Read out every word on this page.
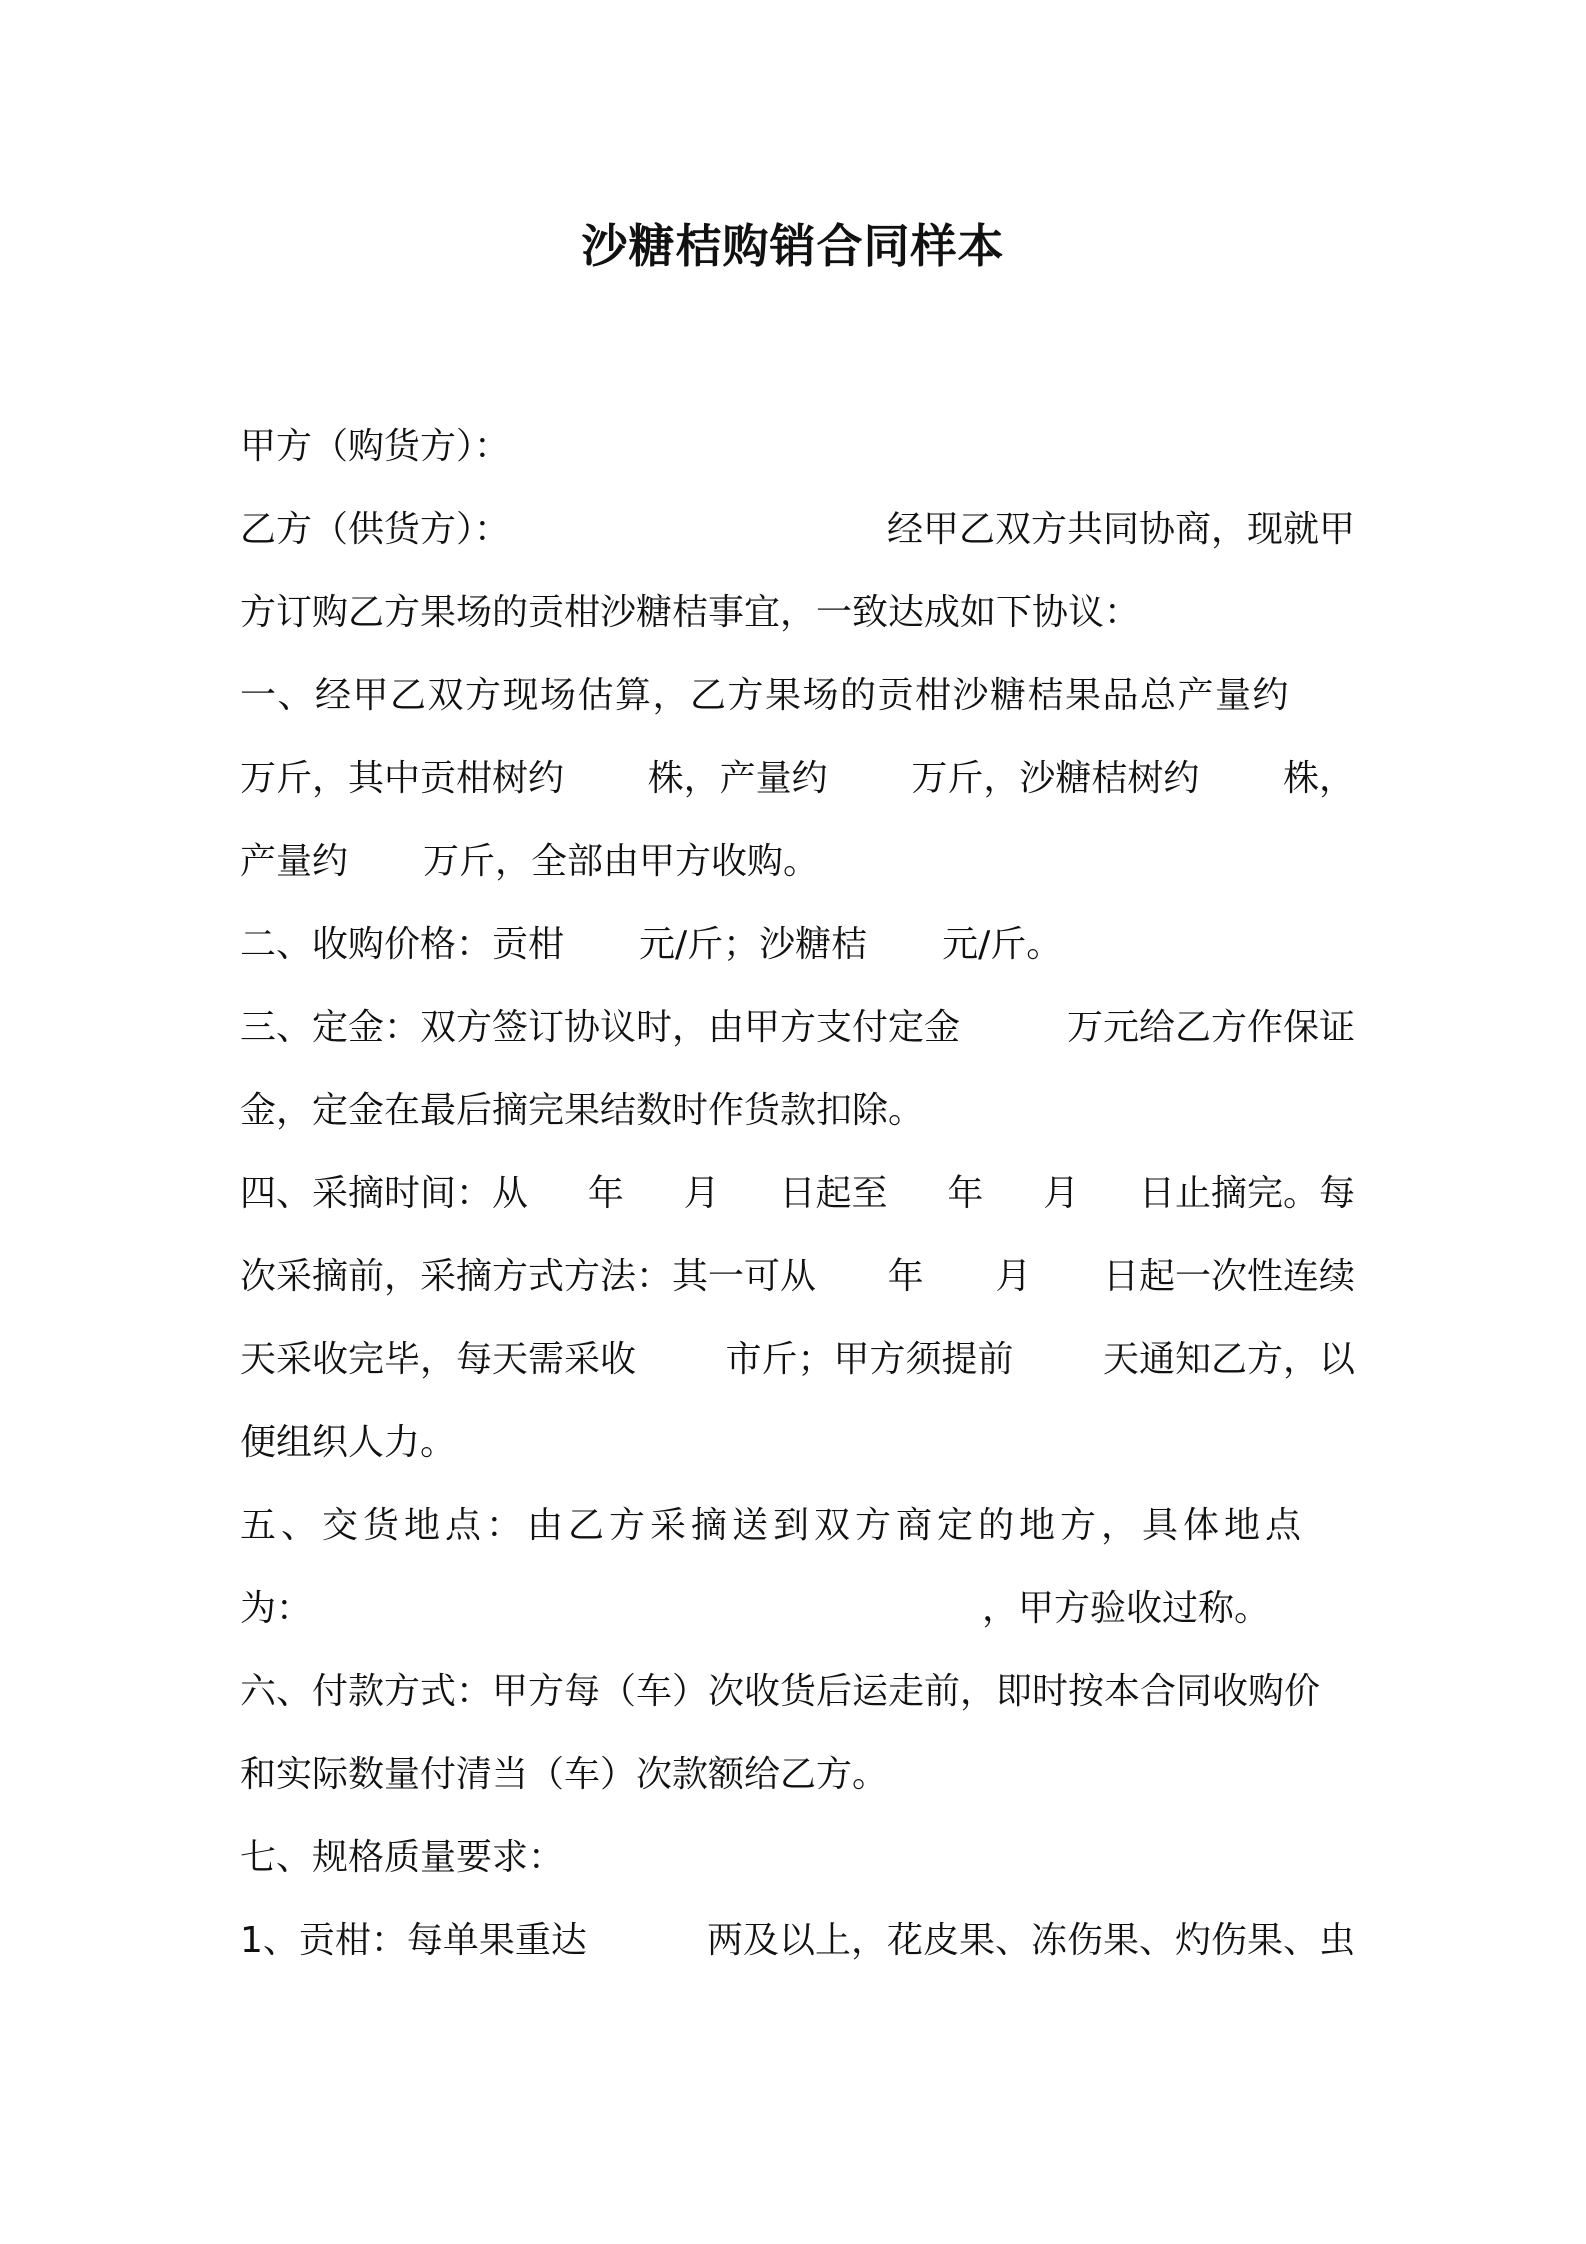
沙糖桔购销合同样本
甲方（购货方）：
乙方（供货方）：	经甲乙双方共同协商，现就甲
方订购乙方果场的贡柑沙糖桔事宜，一致达成如下协议：
一、经甲乙双方现场估算，乙方果场的贡柑沙糖桔果品总产量约
万斤，其中贡柑树约 株，产量约 万斤，沙糖桔树约 株，
产量约 万斤，全部由甲方收购。
二、收购价格：贡柑 元/斤；沙糖桔 元/斤。
三、定金：双方签订协议时，由甲方支付定金	万元给乙方作保证
金，定金在最后摘完果结数时作货款扣除。
四、采摘时间：从 年 月 日起至 年 月 日止摘完。每
次采摘前，采摘方式方法：其一可从 年 月 日起一次性连续
天采收完毕，每天需采收 市斤；甲方须提前 天通知乙方，以
便组织人力。
五、交货地点：由乙方采摘送到双方商定的地方，具体地点
为：	，甲方验收过称。
六、付款方式：甲方每（车）次收货后运走前，即时按本合同收购价
和实际数量付清当（车）次款额给乙方。
七、规格质量要求：
1、贡柑：每单果重达	两及以上，花皮果、冻伤果、灼伤果、虫
